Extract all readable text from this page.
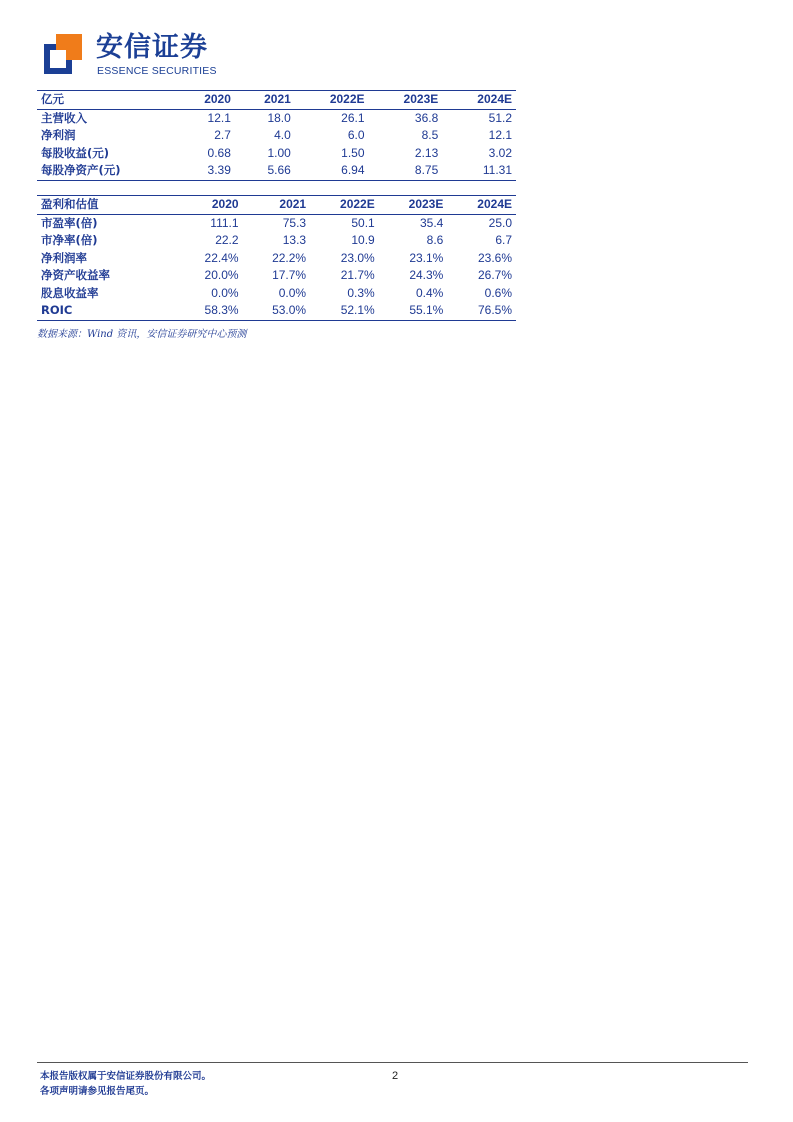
安信证券
ESSENCE SECURITIES
亿元	2020	2021	2022E	2023E	2024E
主营收入	12.1	18.0	26.1	36.8	51.2
净利润	2.7	4.0	6.0	8.5	12.1
每股收益(元)	0.68	1.00	1.50	2.13	3.02
每股净资产(元)	3.39	5.66	6.94	8.75	11.31
盈利和估值	2020	2021	2022E	2023E	2024E
市盈率(倍)	111.1	75.3	50.1	35.4	25.0
市净率(倍)	22.2	13.3	10.9	8.6	6.7
净利润率	22.4%	22.2%	23.0%	23.1%	23.6%
净资产收益率	20.0%	17.7%	21.7%	24.3%	26.7%
股息收益率	0.0%	0.0%	0.3%	0.4%	0.6%
ROIC	58.3%	53.0%	52.1%	55.1%	76.5%
数据来源：Wind 资讯，安信证券研究中心预测
本报告版权属于安信证券股份有限公司。
各项声明请参见报告尾页。
2
